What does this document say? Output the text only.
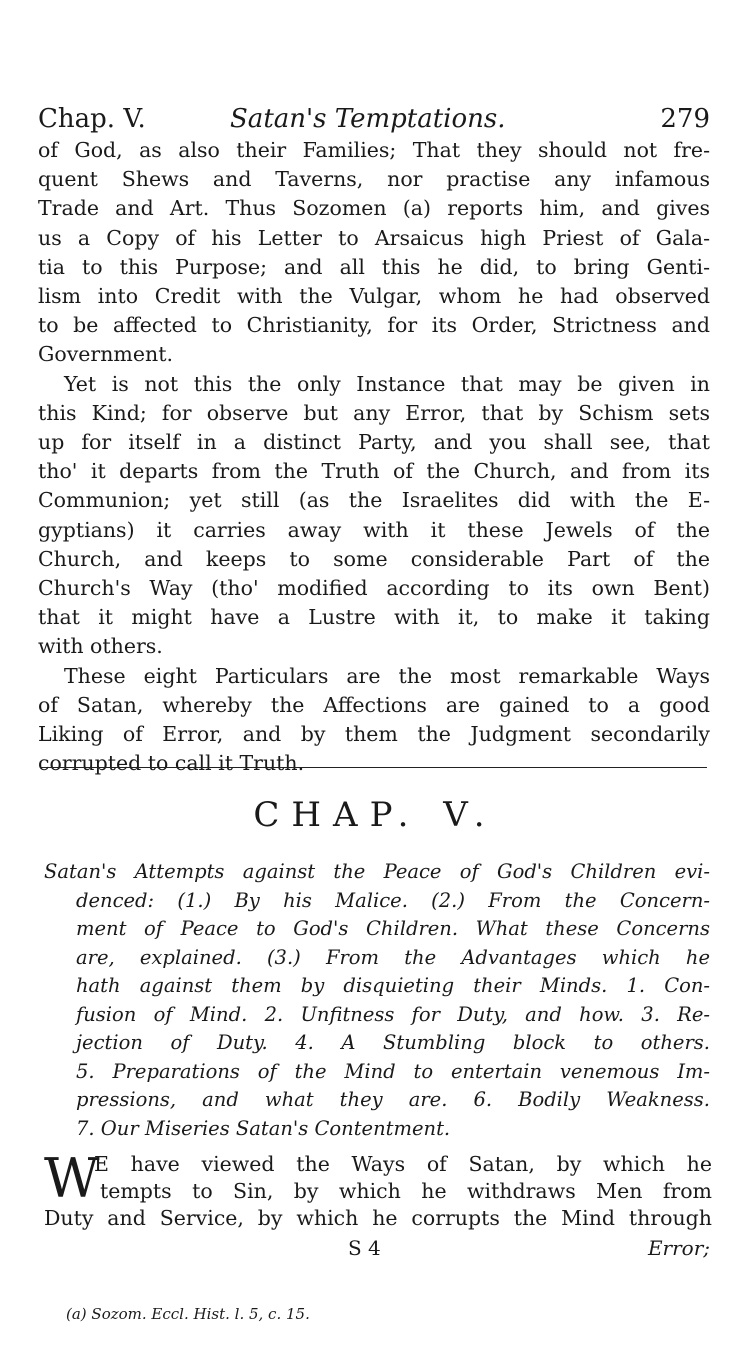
Chap. V.	Satan's Temptations.	279
of God, as also their Families; That they should not fre-
quent Shews and Taverns, nor practise any infamous
Trade and Art. Thus Sozomen (a) reports him, and gives
us a Copy of his Letter to Arsaicus high Priest of Gala-
tia to this Purpose; and all this he did, to bring Genti-
lism into Credit with the Vulgar, whom he had observed
to be affected to Christianity, for its Order, Strictness and
Government.
Yet is not this the only Instance that may be given in
this Kind; for observe but any Error, that by Schism sets
up for itself in a distinct Party, and you shall see, that
tho' it departs from the Truth of the Church, and from its
Communion; yet still (as the Israelites did with the E-
gyptians) it carries away with it these Jewels of the
Church, and keeps to some considerable Part of the
Church's Way (tho' modified according to its own Bent)
that it might have a Lustre with it, to make it taking
with others.
These eight Particulars are the most remarkable Ways
of Satan, whereby the Affections are gained to a good
Liking of Error, and by them the Judgment secondarily
corrupted to call it Truth.
CHAP. V.
Satan's Attempts against the Peace of God's Children evi-
denced: (1.) By his Malice. (2.) From the Concern-
ment of Peace to God's Children. What these Concerns
are, explained. (3.) From the Advantages which he
hath against them by disquieting their Minds. 1. Con-
fusion of Mind. 2. Unfitness for Duty, and how. 3. Re-
jection of Duty. 4. A Stumbling block to others.
5. Preparations of the Mind to entertain venemous Im-
pressions, and what they are. 6. Bodily Weakness.
7. Our Miseries Satan's Contentment.
W
E have viewed the Ways of Satan, by which he
tempts to Sin, by which he withdraws Men from
Duty and Service, by which he corrupts the Mind through
S 4	Error;
(a) Sozom. Eccl. Hist. l. 5, c. 15.
